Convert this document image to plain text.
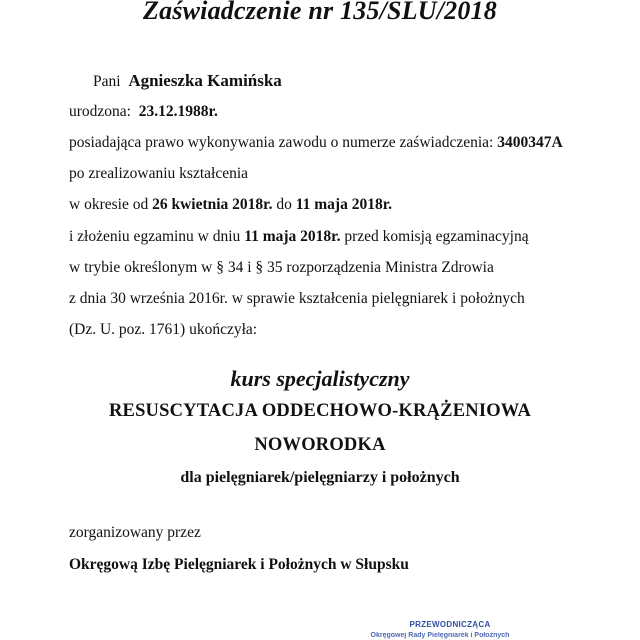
Zaświadczenie nr 135/SLU/2018
Pani Agnieszka Kamińska
urodzona: 23.12.1988r.
posiadająca prawo wykonywania zawodu o numerze zaświadczenia: 3400347A
po zrealizowaniu kształcenia
w okresie od 26 kwietnia 2018r. do 11 maja 2018r.
i złożeniu egzaminu w dniu 11 maja 2018r. przed komisją egzaminacyjną
w trybie określonym w § 34 i § 35 rozporządzenia Ministra Zdrowia
z dnia 30 września 2016r. w sprawie kształcenia pielęgniarek i położnych
(Dz. U. poz. 1761) ukończyła:
kurs specjalistyczny
RESUSCYTACJA ODDECHOWO-KRĄŻENIOWA
NOWORODKA
dla pielęgniarek/pielęgniarzy i położnych
zorganizowany przez
Okręgową Izbę Pielęgniarek i Położnych w Słupsku
PRZEWODNICZĄCA
Okręgowej Rady Pielęgniarek i Położnych
